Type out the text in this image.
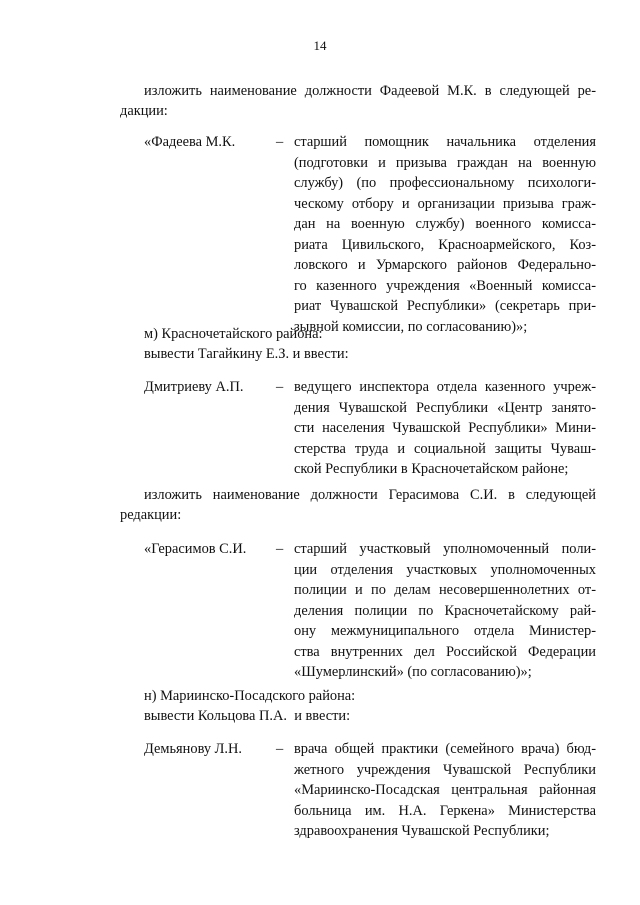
14
изложить наименование должности Фадеевой М.К. в следующей ре-
дакции:
«Фадеева М.К.	– старший помощник начальника отделения
(подготовки и призыва граждан на военную
службу) (по профессиональному психологи-
ческому отбору и организации призыва граж-
дан на военную службу) военного комисса-
риата Цивильского, Красноармейского, Коз-
ловского и Урмарского районов Федерально-
го казенного учреждения «Военный комисса-
риат Чувашской Республики» (секретарь при-
зывной комиссии, по согласованию)»;
м) Красночетайского района:
вывести Тагайкину Е.З. и ввести:
Дмитриеву А.П. – ведущего инспектора отдела казенного учреж-
дения Чувашской Республики «Центр занято-
сти населения Чувашской Республики» Мини-
стерства труда и социальной защиты Чуваш-
ской Республики в Красночетайском районе;
изложить наименование должности Герасимова С.И. в следующей
редакции:
«Герасимов С.И. – старший участковый уполномоченный поли-
ции отделения участковых уполномоченных
полиции и по делам несовершеннолетних от-
деления полиции по Красночетайскому рай-
ону межмуниципального отдела Министер-
ства внутренних дел Российской Федерации
«Шумерлинский» (по согласованию)»;
н) Мариинско-Посадского района:
вывести Кольцова П.А.  и ввести:
Демьянову Л.Н. – врача общей практики (семейного врача) бюд-
жетного учреждения Чувашской Республики
«Мариинско-Посадская центральная районная
больница им. Н.А. Геркена» Министерства
здравоохранения Чувашской Республики;
